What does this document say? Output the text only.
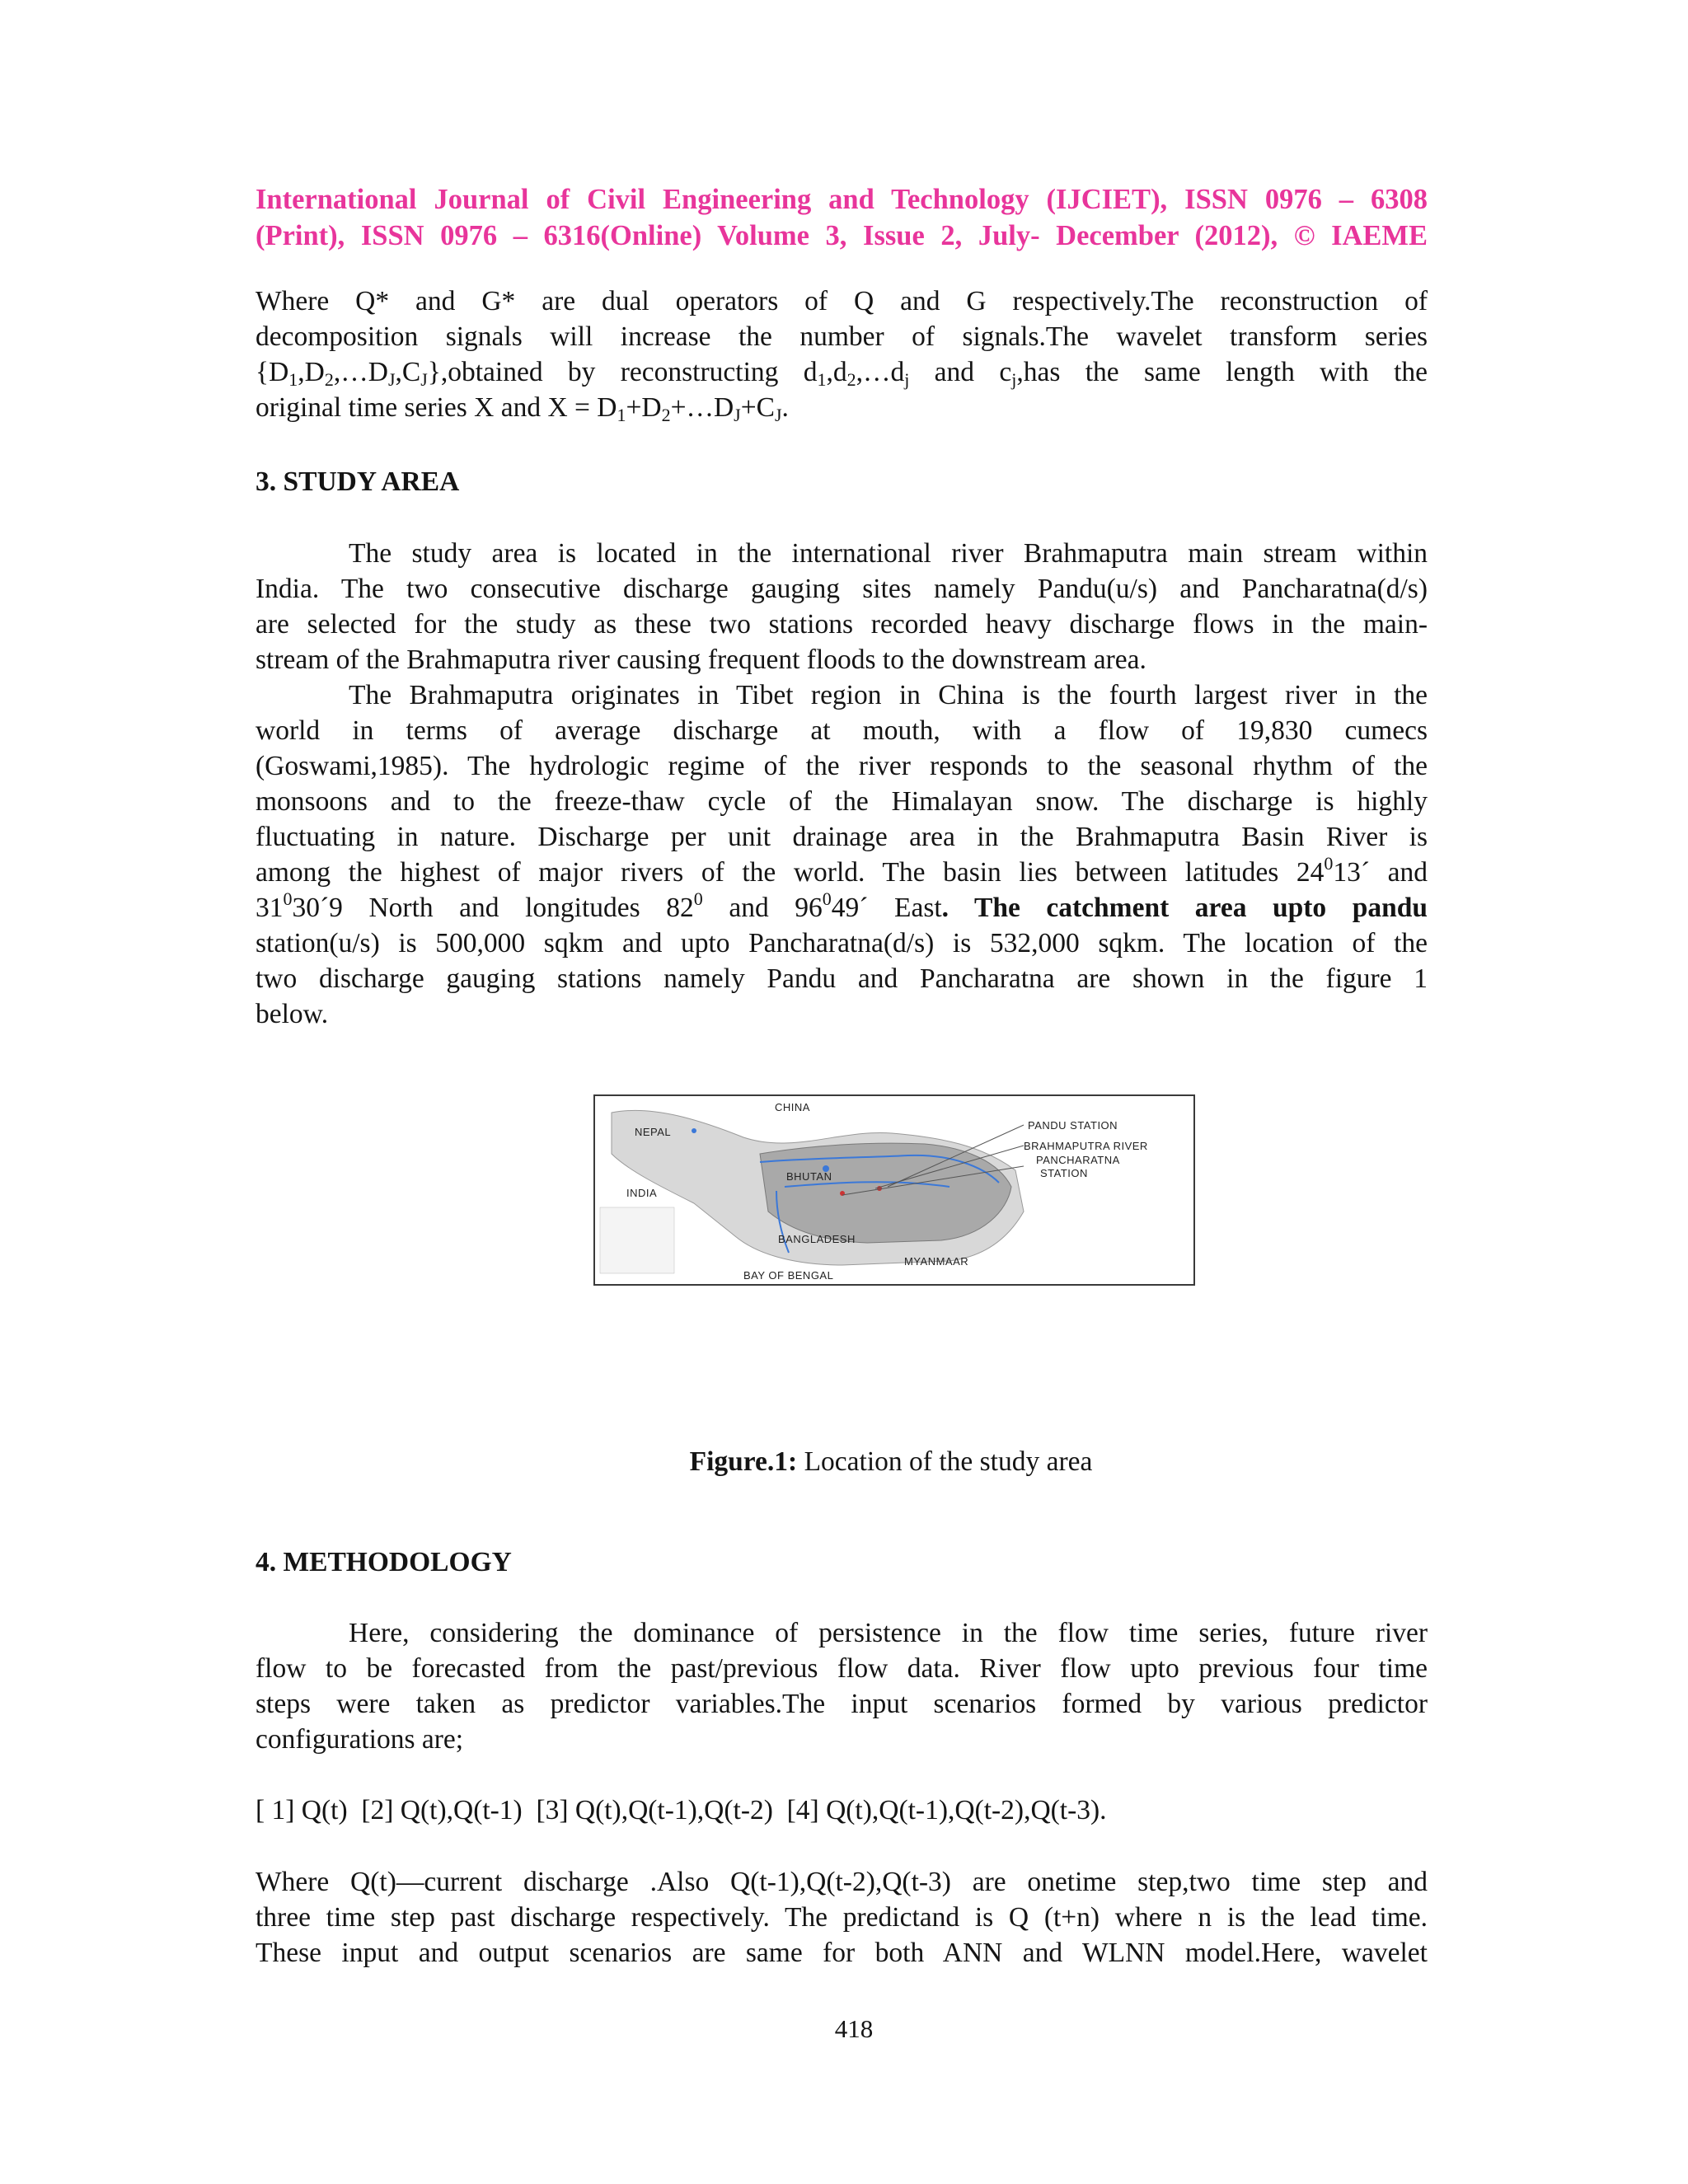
International Journal of Civil Engineering and Technology (IJCIET), ISSN 0976 – 6308
(Print), ISSN 0976 – 6316(Online) Volume 3, Issue 2, July- December (2012), © IAEME
Where Q* and G* are dual operators of Q and G respectively.The reconstruction of
decomposition signals will increase the number of signals.The wavelet transform series
$\{D_1,D_2,\dots D_J,C_J\},obtained$ by reconstructing $d_1,d_2,\dots d_j$ and $c_j,has$ the same length with the
original time series X and $X = D_1+D_2+\dots D_J+C_J$.
3. STUDY AREA
The study area is located in the international river Brahmaputra main stream within
India. The two consecutive discharge gauging sites namely Pandu(u/s) and Pancharatna(d/s)
are selected for the study as these two stations recorded heavy discharge flows in the main-
stream of the Brahmaputra river causing frequent floods to the downstream area.
The Brahmaputra originates in Tibet region in China is the fourth largest river in the
world in terms of average discharge at mouth, with a flow of 19,830 cumecs
(Goswami,1985). The hydrologic regime of the river responds to the seasonal rhythm of the
monsoons and to the freeze-thaw cycle of the Himalayan snow. The discharge is highly
fluctuating in nature. Discharge per unit drainage area in the Brahmaputra Basin River is
among the highest of major rivers of the world. The basin lies between latitudes $24^013´$ and
$31^030´9$ North and longitudes $82^0$ and $96^049´$ East. The catchment area upto pandu
station(u/s) is 500,000 sqkm and upto Pancharatna(d/s) is 532,000 sqkm. The location of the
two discharge gauging stations namely Pandu and Pancharatna are shown in the figure 1
below.
CHINA
NEPAL
BHUTAN
INDIA
BANGLADESH
BAY OF BENGAL
MYANMAAR
PANDU STATION
BRAHMAPUTRA RIVER
PANCHARATNA
STATION
Figure.1: Location of the study area
4. METHODOLOGY
Here, considering the dominance of persistence in the flow time series, future river
flow to be forecasted from the past/previous flow data. River flow upto previous four time
steps were taken as predictor variables.The input scenarios formed by various predictor
configurations are;
[ 1] Q(t)  [2] Q(t),Q(t-1)  [3] Q(t),Q(t-1),Q(t-2)  [4] Q(t),Q(t-1),Q(t-2),Q(t-3).
Where Q(t)—current discharge .Also Q(t-1),Q(t-2),Q(t-3) are onetime step,two time step and
three time step past discharge respectively. The predictand is Q (t+n) where n is the lead time.
These input and output scenarios are same for both ANN and WLNN model.Here, wavelet
418
